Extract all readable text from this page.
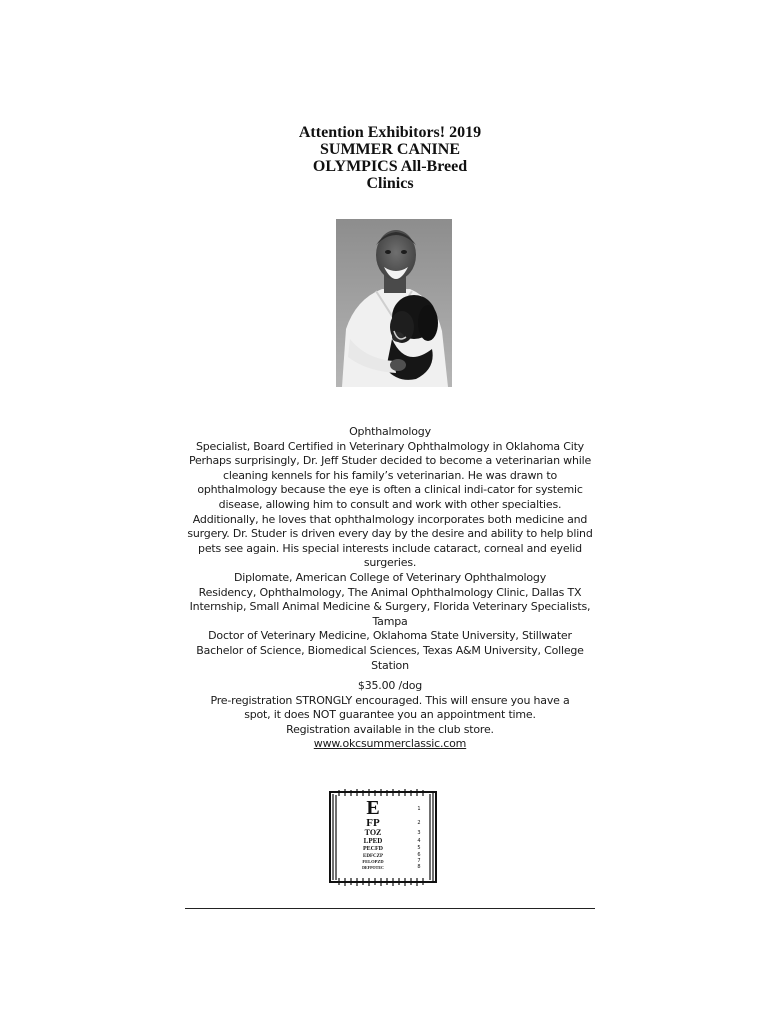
Attention Exhibitors! 2019
SUMMER CANINE
OLYMPICS All-Breed
Clinics

Ophthalmology

Specialist, Board Certified in Veterinary Ophthalmology in Oklahoma City

Perhaps surprisingly, Dr. Jeff Studer decided to become a veterinarian while

cleaning kennels for his family’s veterinarian. He was drawn to

ophthalmology because the eye is often a clinical indi-cator for systemic

disease, allowing him to consult and work with other specialties.

Additionally, he loves that ophthalmology incorporates both medicine and

surgery. Dr. Studer is driven every day by the desire and ability to help blind

pets see again. His special interests include cataract, corneal and eyelid

surgeries.

Diplomate, American College of Veterinary Ophthalmology

Residency, Ophthalmology, The Animal Ophthalmology Clinic, Dallas TX

Internship, Small Animal Medicine & Surgery, Florida Veterinary Specialists,

Tampa

Doctor of Veterinary Medicine, Oklahoma State University, Stillwater

Bachelor of Science, Biomedical Sciences, Texas A&M University, College

Station

$35.00 /dog

Pre-registration STRONGLY encouraged. This will ensure you have a

spot, it does NOT guarantee you an appointment time.

Registration available in the club store.

www.okcsummerclassic.com

E
FP
TOZ
LPED
PECFD
EDFCZP
FELOPZD
DEFPOTEC
1
2
3
4
5
6
7
8
